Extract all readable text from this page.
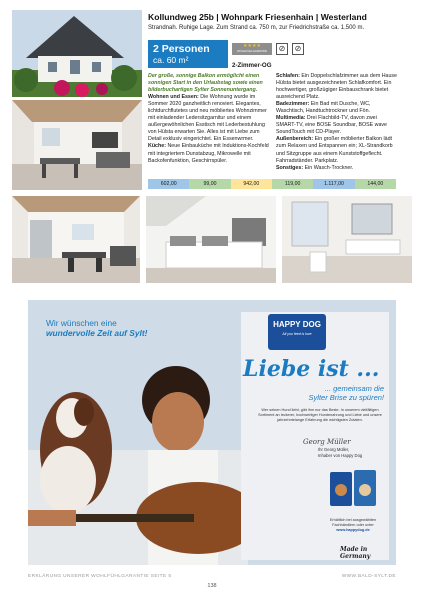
Kollundweg 25b | Wohnpark Friesenhain | Westerland
Strandnah. Ruhige Lage. Zum Strand ca. 750 m, zur Friedrichstraße ca. 1.500 m.
2 Personen
ca. 60 m²
★★★★
WOHLFÜHLGARANTIE	⊘	⊘
2-Zimmer-OG

Der große, sonnige Balkon ermöglicht einen sonnigen Start in den Urlaubstag sowie einen bilderbuchartigen Sylter Sonnenuntergang.

Wohnen und Essen: Die Wohnung wurde im Sommer 2020 ganzheitlich renoviert. Elegantes, lichtdurchflutetes und neu möbliertes Wohnzimmer mit einladender Ledersitzgarnitur und einem außergewöhnlichen Esstisch mit Lederbestuhlung von Hülsta erwarten Sie. Alles ist mit Liebe zum Detail exklusiv eingerichtet. Ein Essenwrmer.

Küche: Neue Einbauküche mit Induktions-Kochfeld mit integriertem Dunstabzug, Mikrowelle mit Backofenfunktion, Geschirrspüler.

Schlafen: Ein Doppelschlafzimmer aus dem Hause Hülsta bietet ausgezeichneten Schlafkomfort. Ein hochwertiger, großzügiger Einbauschrank bietet ausreichend Platz.

Badezimmer: Ein Bad mit Dusche, WC, Waschtisch, Handtuchtrockner und Fön.

Multimedia: Drei Flachbild-TV, davon zwei SMART-TV, eine BOSE Soundbar, BOSE wave SoundTouch mit CD-Player.

Außenbereich: Ein großer möblierter Balkon lädt zum Relaxen und Entspannen ein; XL-Strandkorb und Sitzgruppe aus einem Kunststoffgeflecht. Fahrradständer. Parkplatz.

Sonstiges: Ein Wasch-Trockner.

602,00	99,00	942,00	119,00	1.117,00	144,00
Wir wünschen eine
wundervolle Zeit auf Sylt!
HAPPY DOG
All you feed is love
Liebe ist ...
... gemeinsam die
Sylter Brise zu spüren!
Wer seinen Hund liebt, gibt ihm nur das Beste. In unserem vielfältigen Sortiment an leckerer, hochwertiger Hundenahrung und Liebe und unsere jahrzehntelange Erfahrung die wichtigsten Zutaten.
Georg Müller
Ihr Georg Müller,
Inhaber von Happy Dog
Erhältlich bei ausgewählten Fachhändlern oder unter
www.happydog.de
Made in Germany
ERKLÄRUNG UNSERER WOHLFÜHLGARANTIE SEITE 5	WWW.BALD-SYLT.DE
138
